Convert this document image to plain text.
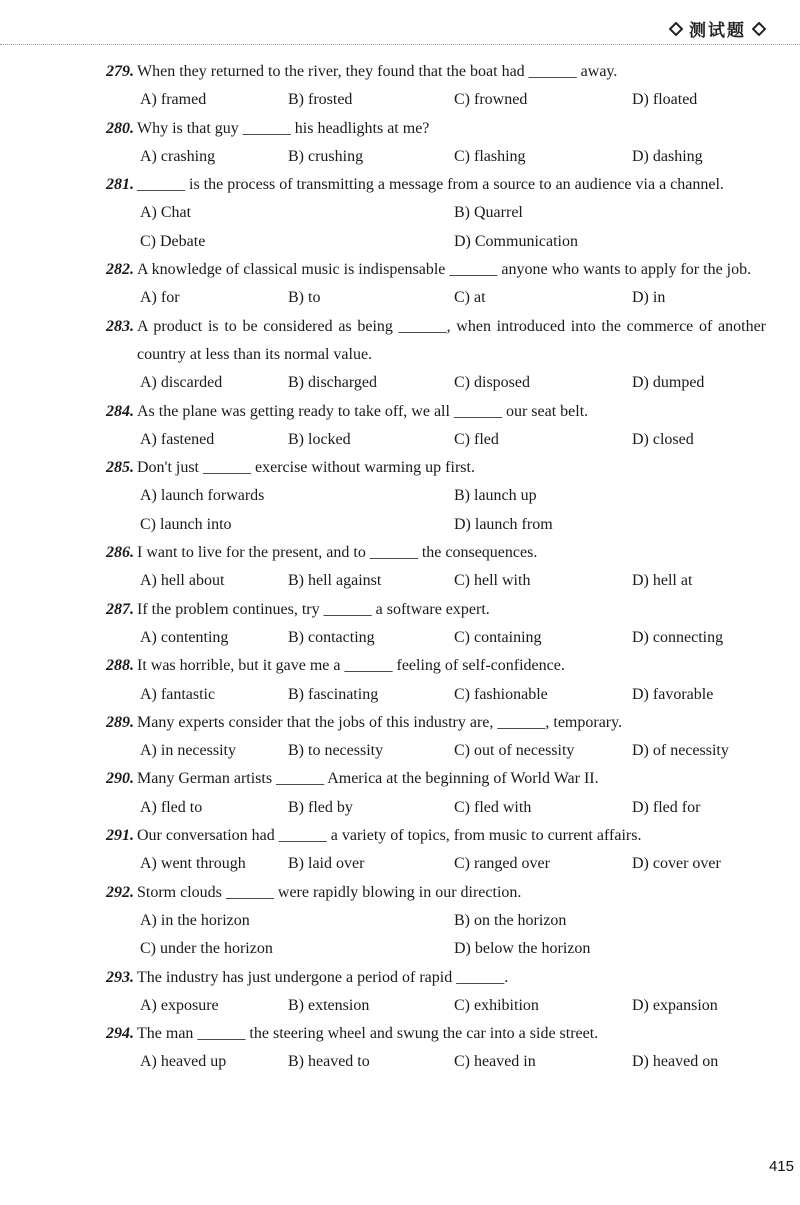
测试题
279. When they returned to the river, they found that the boat had ______ away.
A) framed	B) frosted	C) frowned	D) floated
280. Why is that guy ______ his headlights at me?
A) crashing	B) crushing	C) flashing	D) dashing
281. ______ is the process of transmitting a message from a source to an audience via a channel.
A) Chat	B) Quarrel
C) Debate	D) Communication
282. A knowledge of classical music is indispensable ______ anyone who wants to apply for the job.
A) for	B) to	C) at	D) in
283. A product is to be considered as being ______, when introduced into the commerce of another country at less than its normal value.
A) discarded	B) discharged	C) disposed	D) dumped
284. As the plane was getting ready to take off, we all ______ our seat belt.
A) fastened	B) locked	C) fled	D) closed
285. Don't just ______ exercise without warming up first.
A) launch forwards	B) launch up
C) launch into	D) launch from
286. I want to live for the present, and to ______ the consequences.
A) hell about	B) hell against	C) hell with	D) hell at
287. If the problem continues, try ______ a software expert.
A) contenting	B) contacting	C) containing	D) connecting
288. It was horrible, but it gave me a ______ feeling of self-confidence.
A) fantastic	B) fascinating	C) fashionable	D) favorable
289. Many experts consider that the jobs of this industry are, ______, temporary.
A) in necessity	B) to necessity	C) out of necessity	D) of necessity
290. Many German artists ______ America at the beginning of World War II.
A) fled to	B) fled by	C) fled with	D) fled for
291. Our conversation had ______ a variety of topics, from music to current affairs.
A) went through	B) laid over	C) ranged over	D) cover over
292. Storm clouds ______ were rapidly blowing in our direction.
A) in the horizon	B) on the horizon
C) under the horizon	D) below the horizon
293. The industry has just undergone a period of rapid ______.
A) exposure	B) extension	C) exhibition	D) expansion
294. The man ______ the steering wheel and swung the car into a side street.
A) heaved up	B) heaved to	C) heaved in	D) heaved on
415
